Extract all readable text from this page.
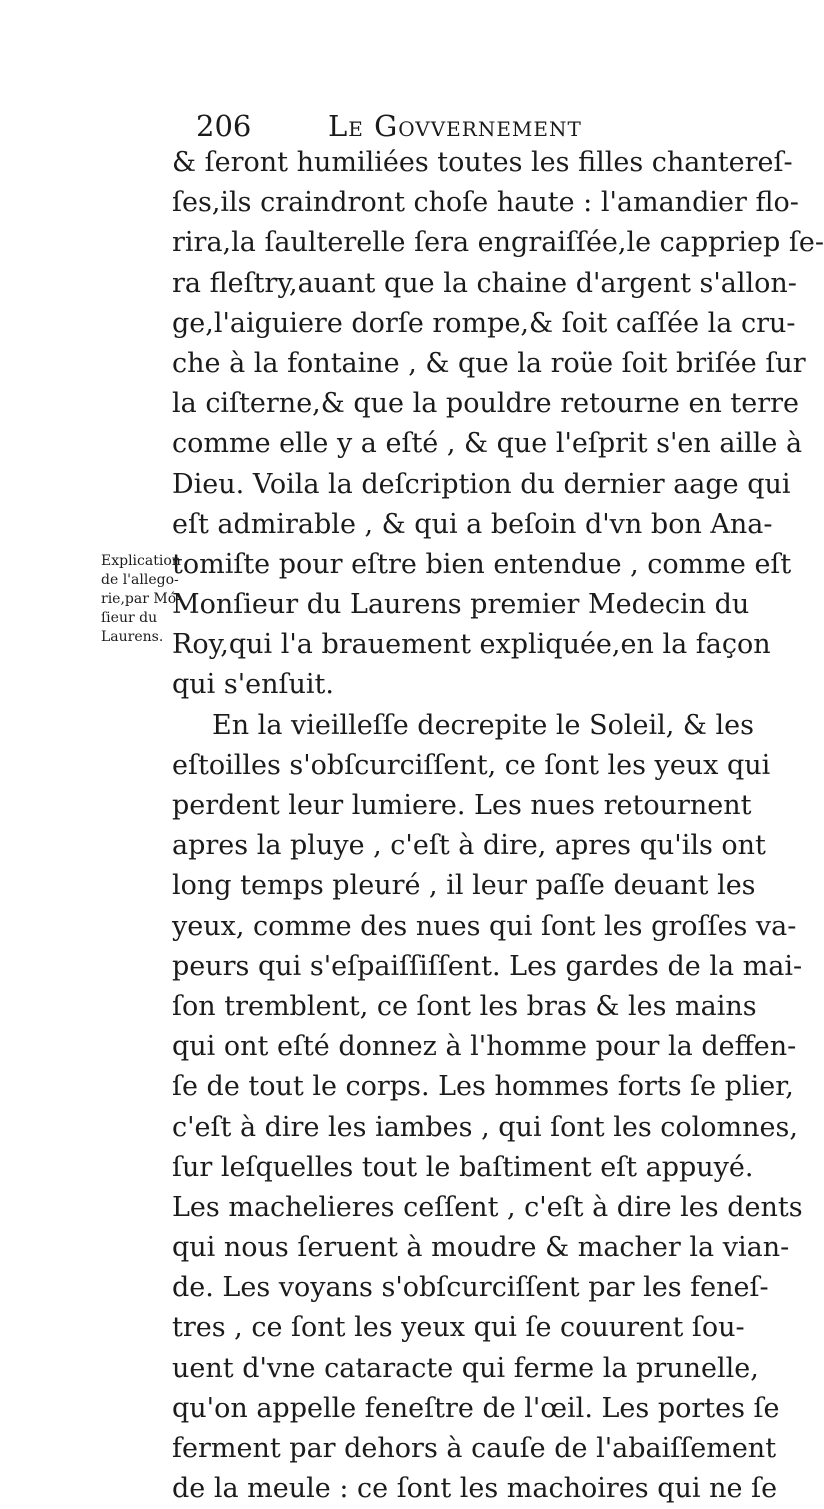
206	Le Govvernement
Explication
de l'allego-
rie,par Mó-
ſieur du
Laurens.
& ſeront humiliées toutes les filles chantereſ-
ſes,ils craindront choſe haute : l'amandier flo-
rira,la ſaulterelle ſera engraiſſée,le cappriер ſe-
ra fleſtry,auant que la chaine d'argent s'allon-
ge,l'aiguiere dorſe rompe,& ſoit caſſée la cru-
che à la fontaine , & que la roüe ſoit briſée ſur
la ciſterne,& que la pouldre retourne en terre
comme elle y a eſté , & que l'eſprit s'en aille à
Dieu. Voila la deſcription du dernier aage qui
eſt admirable , & qui a beſoin d'vn bon Ana-
tomiſte pour eſtre bien entendue , comme eſt
Monſieur du Laurens premier Medecin du
Roy,qui l'a brauement expliquée,en la façon
qui s'enſuit.
En la vieilleſſe decrepite le Soleil, & les
eſtoilles s'obſcurciſſent, ce ſont les yeux qui
perdent leur lumiere. Les nues retournent
apres la pluye , c'eſt à dire, apres qu'ils ont
long temps pleuré , il leur paſſe deuant les
yeux, comme des nues qui ſont les groſſes va-
peurs qui s'eſpaiſſiſſent. Les gardes de la mai-
ſon tremblent, ce ſont les bras & les mains
qui ont eſté donnez à l'homme pour la deffen-
ſe de tout le corps. Les hommes forts ſe plier,
c'eſt à dire les iambes , qui ſont les colomnes,
ſur leſquelles tout le baſtiment eſt appuyé.
Les machelieres ceſſent , c'eſt à dire les dents
qui nous ſeruent à moudre & macher la vian-
de. Les voyans s'obſcurciſſent par les feneſ-
tres , ce ſont les yeux qui ſe couurent ſou-
uent d'vne cataracte qui ferme la prunelle,
qu'on appelle feneſtre de l'œil. Les portes ſe
ferment par dehors à cauſe de l'abaiſſement
de la meule : ce ſont les machoires qui ne ſe
